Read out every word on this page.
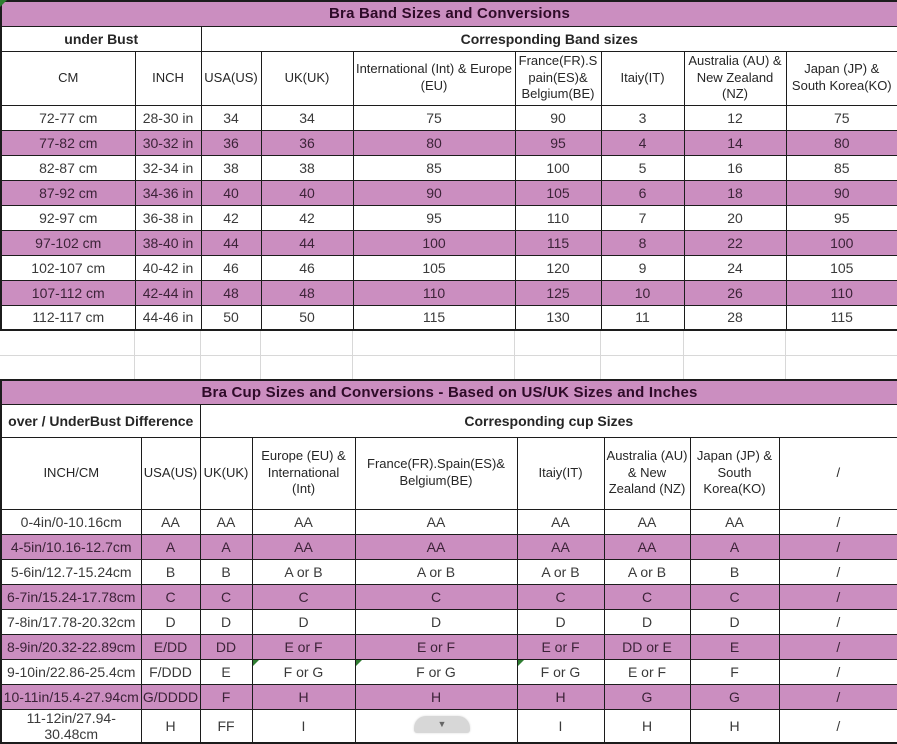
Bra Band Sizes and Conversions								
under Bust		Corresponding Band sizes						
CM	INCH	USA(US)	UK(UK)	International (Int) & Europe (EU)	France(FR).Spain(ES)& Belgium(BE)	Itaiy(IT)	Australia (AU) & New Zealand (NZ)	Japan (JP) & South Korea(KO)
72-77 cm	28-30 in	34	34	75	90	3	12	75
77-82 cm	30-32 in	36	36	80	95	4	14	80
82-87 cm	32-34 in	38	38	85	100	5	16	85
87-92 cm	34-36 in	40	40	90	105	6	18	90
92-97 cm	36-38 in	42	42	95	110	7	20	95
97-102 cm	38-40 in	44	44	100	115	8	22	100
102-107 cm	40-42 in	46	46	105	120	9	24	105
107-112 cm	42-44 in	48	48	110	125	10	26	110
112-117 cm	44-46 in	50	50	115	130	11	28	115
Bra Cup Sizes and Conversions - Based on US/UK Sizes and Inches								
over / UnderBust Difference		Corresponding cup Sizes						
INCH/CM	USA(US)	UK(UK)	Europe (EU) & International (Int)	France(FR).Spain(ES)& Belgium(BE)	Itaiy(IT)	Australia (AU) & New Zealand (NZ)	Japan (JP) & South Korea(KO)	/
0-4in/0-10.16cm	AA	AA	AA	AA	AA	AA	AA	/
4-5in/10.16-12.7cm	A	A	AA	AA	AA	AA	A	/
5-6in/12.7-15.24cm	B	B	A or B	A or B	A or B	A or B	B	/
6-7in/15.24-17.78cm	C	C	C	C	C	C	C	/
7-8in/17.78-20.32cm	D	D	D	D	D	D	D	/
8-9in/20.32-22.89cm	E/DD	DD	E or F	E or F	E or F	DD or E	E	/
9-10in/22.86-25.4cm	F/DDD	E	F or G	F or G	F or G	E or F	F	/
10-11in/15.4-27.94cm	G/DDDD	F	H	H	H	G	G	/
11-12in/27.94-30.48cm	H	FF	I		I	H	H	/
▼
